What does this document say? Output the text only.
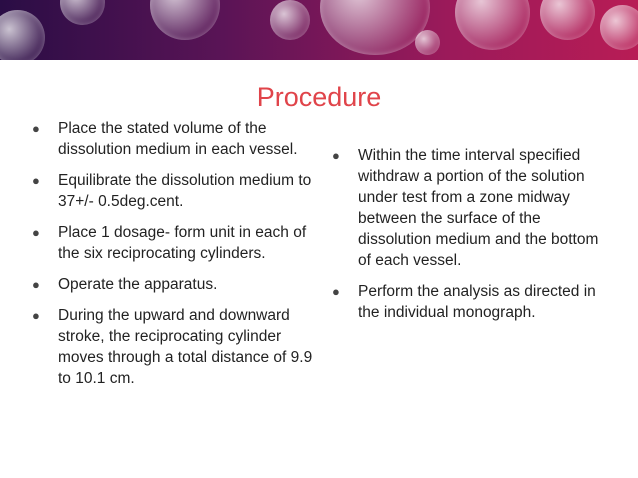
Procedure
● Place the stated volume of the dissolution medium in each vessel.
● Equilibrate the dissolution medium to 37+/- 0.5deg.cent.
● Place 1 dosage- form unit in each of the six reciprocating cylinders.
● Operate the apparatus.
● During the upward and downward stroke, the reciprocating cylinder moves through a total distance of 9.9 to 10.1 cm.
● Within the time interval specified withdraw a portion of the solution under test from a zone midway between the surface of the dissolution medium and the bottom of each vessel.
● Perform the analysis as directed in the individual monograph.
